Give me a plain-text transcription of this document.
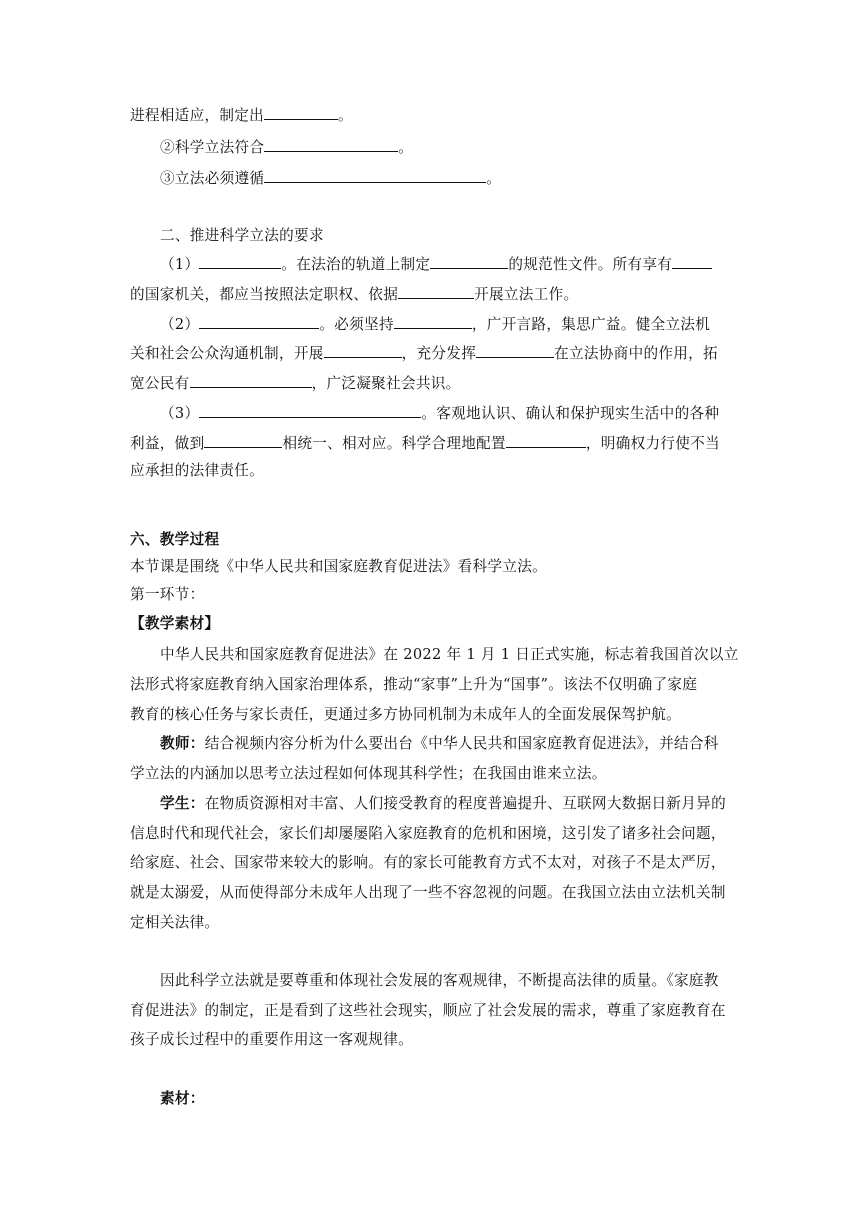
进程相适应，制定出	。
②科学立法符合	。
③立法必须遵循	。
二、推进科学立法的要求
（1）	。在法治的轨道上制定	的规范性文件。所有享有
的国家机关，都应当按照法定职权、依据	开展立法工作。
（2）	。必须坚持	，广开言路，集思广益。健全立法机
关和社会公众沟通机制，开展	，充分发挥	在立法协商中的作用，拓
宽公民有	，广泛凝聚社会共识。
（3）	。客观地认识、确认和保护现实生活中的各种
利益，做到	相统一、相对应。科学合理地配置	，明确权力行使不当
应承担的法律责任。
六、教学过程
本节课是围绕《中华人民共和国家庭教育促进法》看科学立法。
第一环节：
【教学素材】
中华人民共和国家庭教育促进法》在 2022 年 1 月 1 日正式实施，标志着我国首次以立
法形式将家庭教育纳入国家治理体系，推动“家事”上升为“国事”。该法不仅明确了家庭
教育的核心任务与家长责任，更通过多方协同机制为未成年人的全面发展保驾护航。
教师：结合视频内容分析为什么要出台《中华人民共和国家庭教育促进法》，并结合科
学立法的内涵加以思考立法过程如何体现其科学性；在我国由谁来立法。
学生：在物质资源相对丰富、人们接受教育的程度普遍提升、互联网大数据日新月异的
信息时代和现代社会，家长们却屡屡陷入家庭教育的危机和困境，这引发了诸多社会问题，
给家庭、社会、国家带来较大的影响。有的家长可能教育方式不太对，对孩子不是太严厉，
就是太溺爱，从而使得部分未成年人出现了一些不容忽视的问题。在我国立法由立法机关制
定相关法律。
因此科学立法就是要尊重和体现社会发展的客观规律，不断提高法律的质量。《家庭教
育促进法》的制定，正是看到了这些社会现实，顺应了社会发展的需求，尊重了家庭教育在
孩子成长过程中的重要作用这一客观规律。
素材：
